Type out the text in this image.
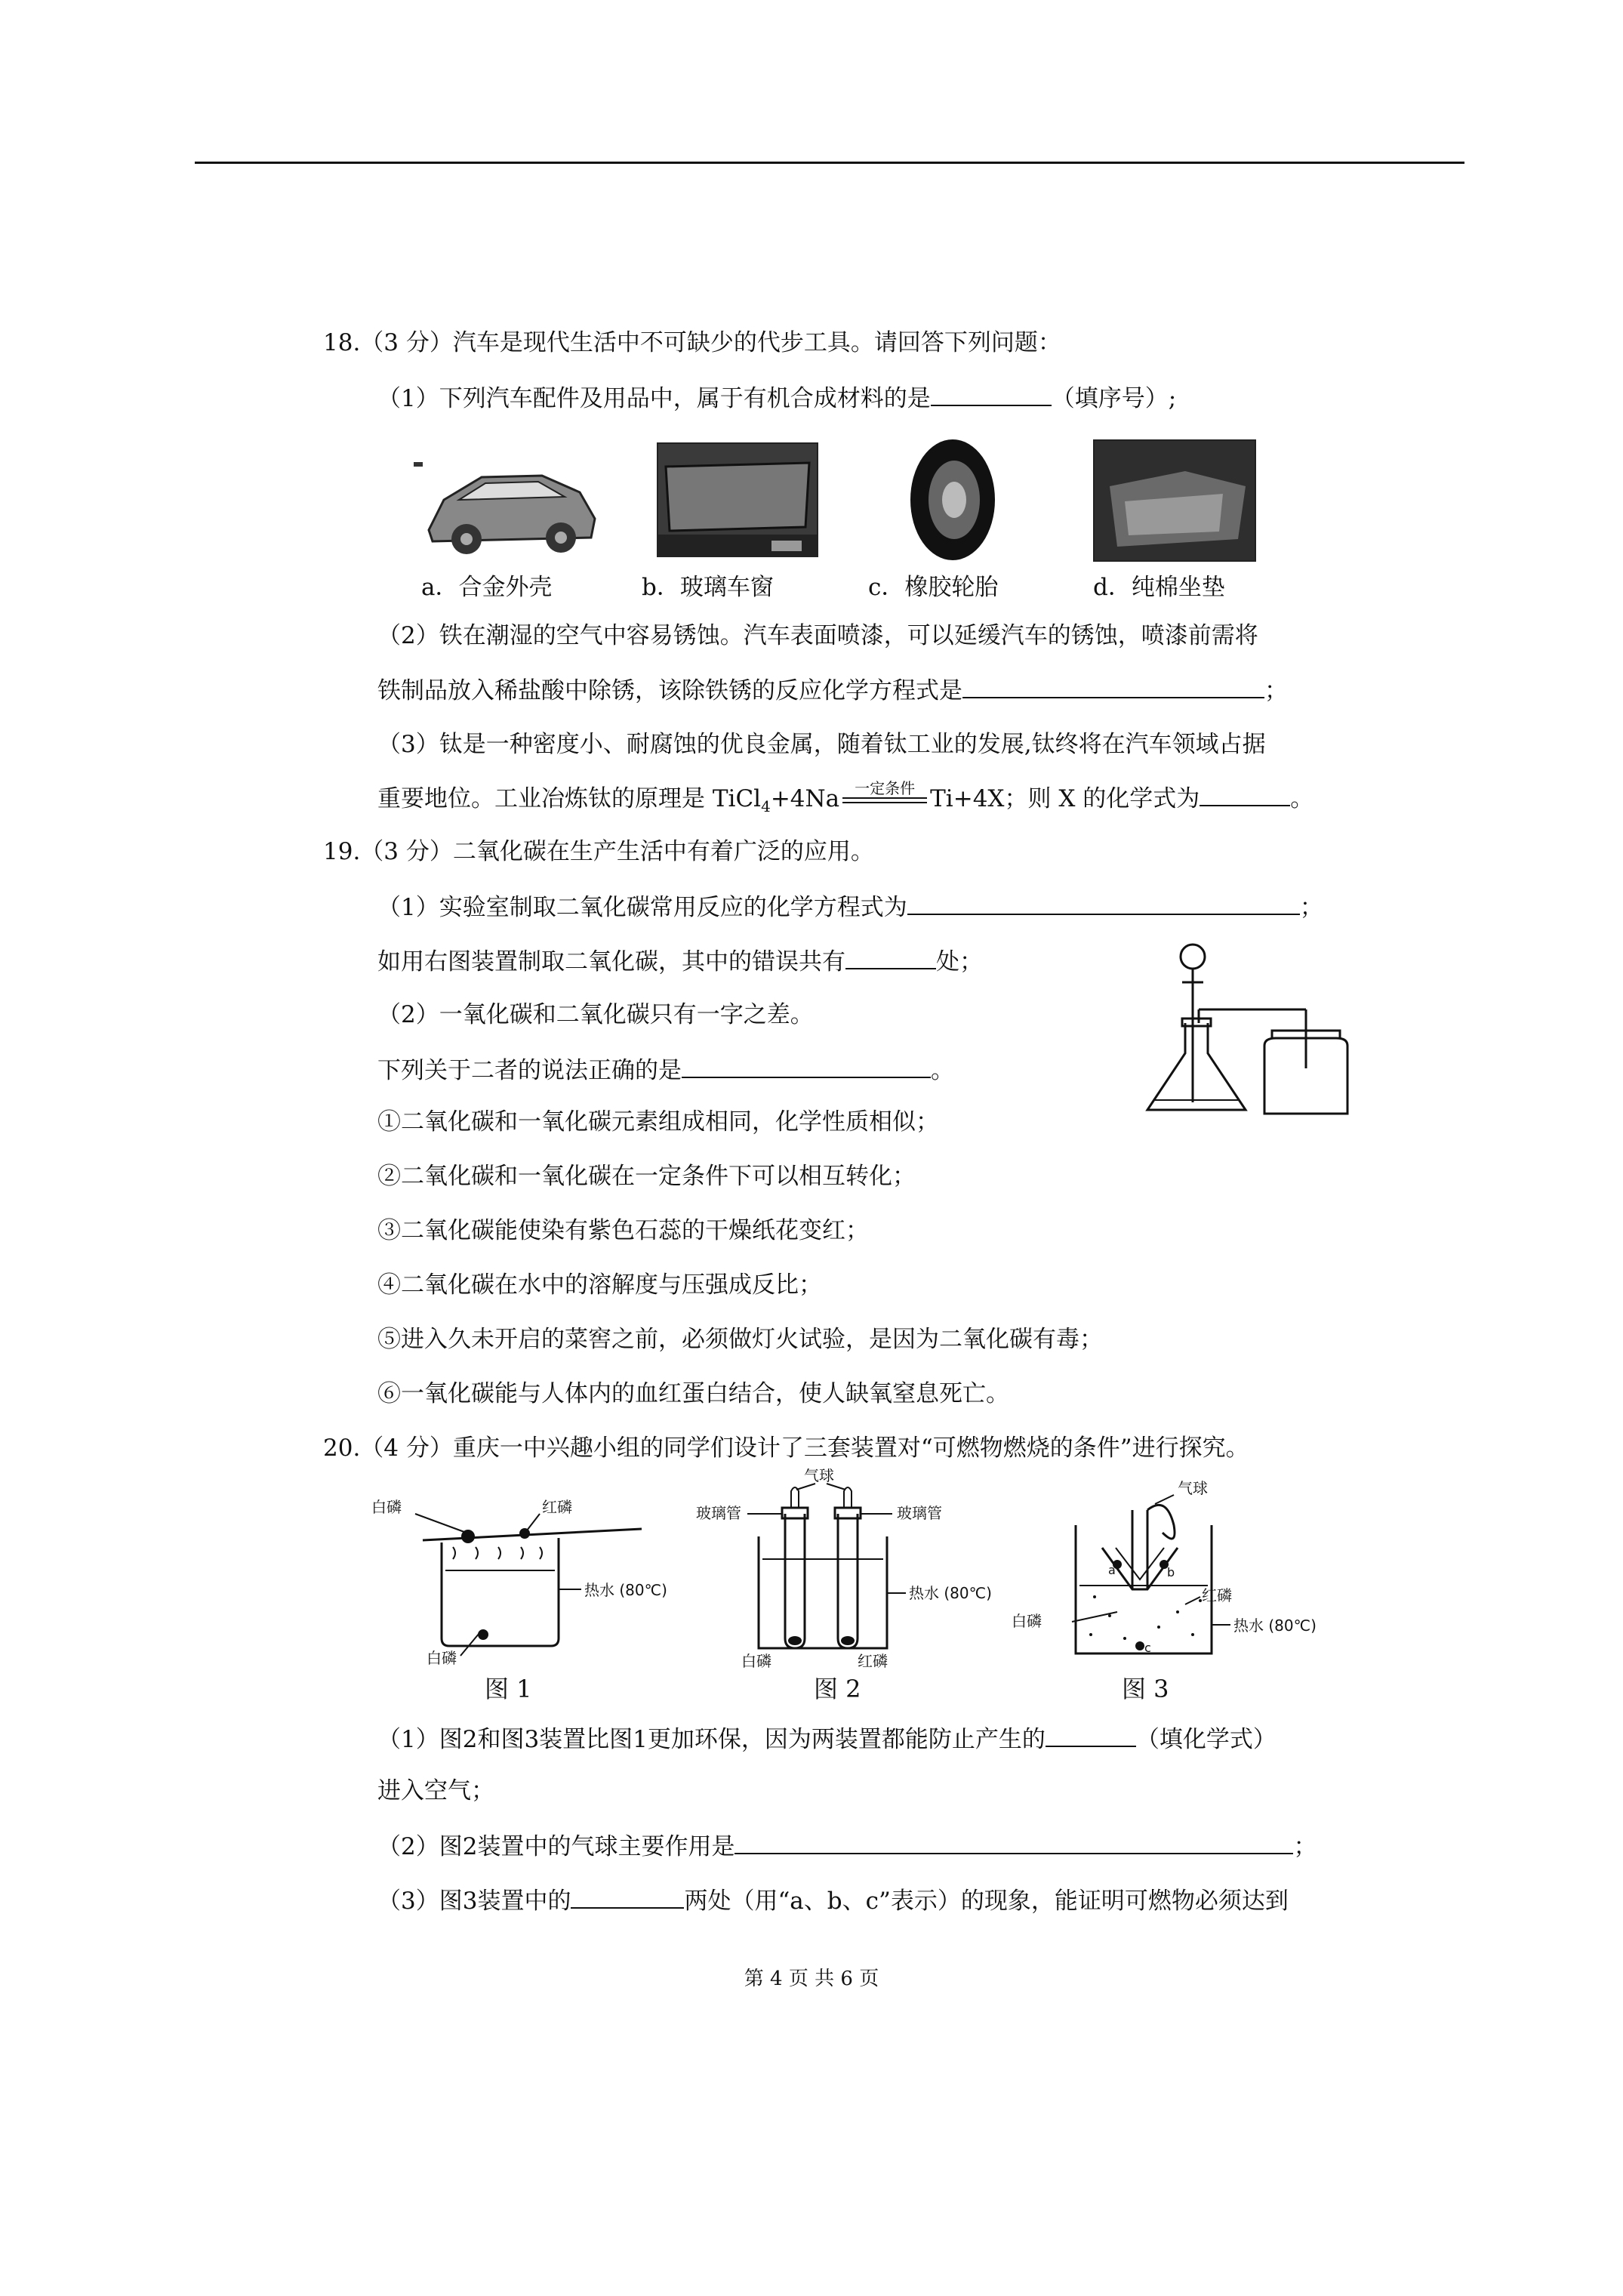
18.（3 分）汽车是现代生活中不可缺少的代步工具。请回答下列问题：
（1）下列汽车配件及用品中，属于有机合成材料的是	（填序号）;
a．合金外壳	b．玻璃车窗	c．橡胶轮胎	d．纯棉坐垫
（2）铁在潮湿的空气中容易锈蚀。汽车表面喷漆，可以延缓汽车的锈蚀，喷漆前需将
铁制品放入稀盐酸中除锈，该除铁锈的反应化学方程式是	；
（3）钛是一种密度小、耐腐蚀的优良金属，随着钛工业的发展,钛终将在汽车领域占据
重要地位。工业冶炼钛的原理是 TiCl$_4$+4Na	一定条件 Ti+4X；则 X 的化学式为	。
19.（3 分）二氧化碳在生产生活中有着广泛的应用。
（1）实验室制取二氧化碳常用反应的化学方程式为	；
如用右图装置制取二氧化碳，其中的错误共有	处；
（2）一氧化碳和二氧化碳只有一字之差。
下列关于二者的说法正确的是	。
①二氧化碳和一氧化碳元素组成相同，化学性质相似；
②二氧化碳和一氧化碳在一定条件下可以相互转化；
③二氧化碳能使染有紫色石蕊的干燥纸花变红；
④二氧化碳在水中的溶解度与压强成反比；
⑤进入久未开启的菜窖之前，必须做灯火试验，是因为二氧化碳有毒；
⑥一氧化碳能与人体内的血红蛋白结合，使人缺氧窒息死亡。
20.（4 分）重庆一中兴趣小组的同学们设计了三套装置对“可燃物燃烧的条件”进行探究。
白磷	红磷
热水 (80℃)
白磷
图 1
气球
玻璃管	玻璃管
热水 (80℃)
白磷	红磷
图 2
a	b
c
气球
红磷
白磷	热水 (80℃)
图 3
（1）图2和图3装置比图1更加环保，因为两装置都能防止产生的	（填化学式）
进入空气；
（2）图2装置中的气球主要作用是	；
（3）图3装置中的	两处（用“a、b、c”表示）的现象，能证明可燃物必须达到
第 4 页 共 6 页
